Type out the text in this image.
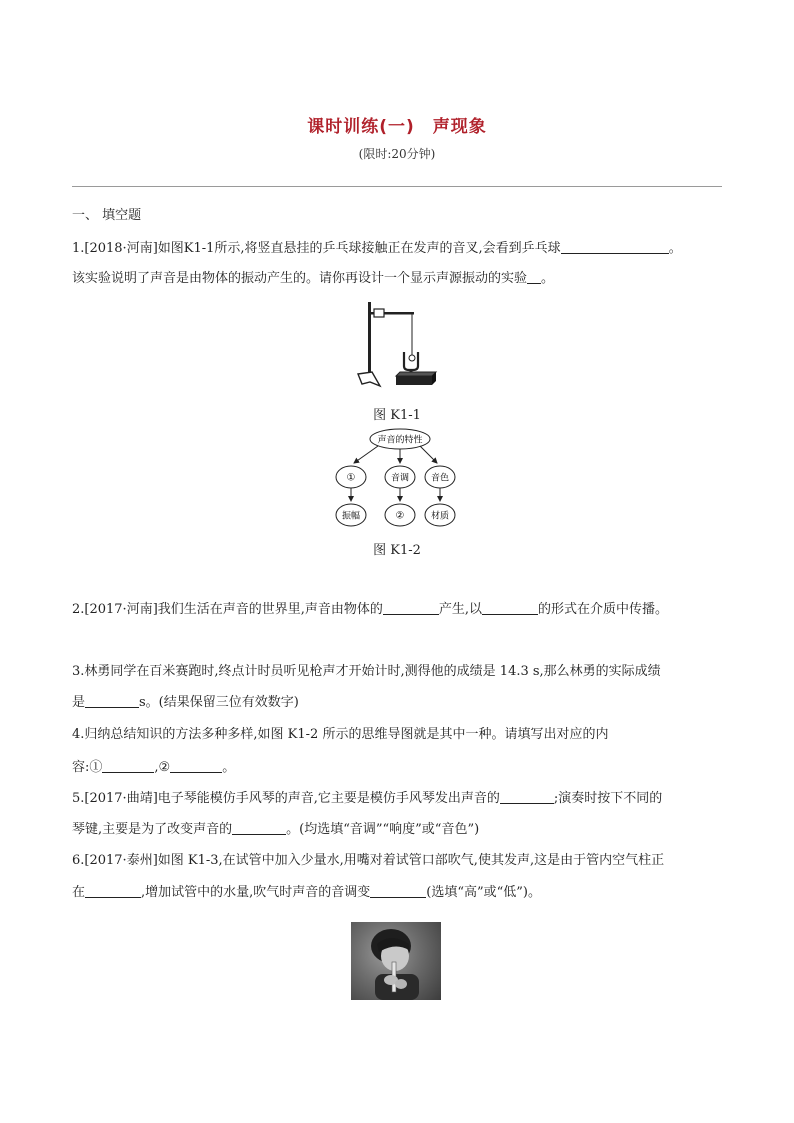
课时训练(一)　声现象
(限时:20分钟)
一、 填空题
1.[2018·河南]如图K1-1所示,将竖直悬挂的乒乓球接触正在发声的音叉,会看到乒乓球	。
该实验说明了声音是由物体的振动产生的。请你再设计一个显示声源振动的实验 。
图 K1-1
声音的特性
①	音调 音色
振幅	②	材质
图 K1-2
2.[2017·河南]我们生活在声音的世界里,声音由物体的	产生,以	的形式在介质中传播。
3.林勇同学在百米赛跑时,终点计时员听见枪声才开始计时,测得他的成绩是 14.3 s,那么林勇的实际成绩
是	s。(结果保留三位有效数字)
4.归纳总结知识的方法多种多样,如图 K1-2 所示的思维导图就是其中一种。请填写出对应的内
容:①	,②	。
5.[2017·曲靖]电子琴能模仿手风琴的声音,它主要是模仿手风琴发出声音的	;演奏时按下不同的
琴键,主要是为了改变声音的	。(均选填“音调”“响度”或“音色”)
6.[2017·泰州]如图 K1-3,在试管中加入少量水,用嘴对着试管口部吹气,使其发声,这是由于管内空气柱正
在	,增加试管中的水量,吹气时声音的音调变	(选填“高”或“低”)。
